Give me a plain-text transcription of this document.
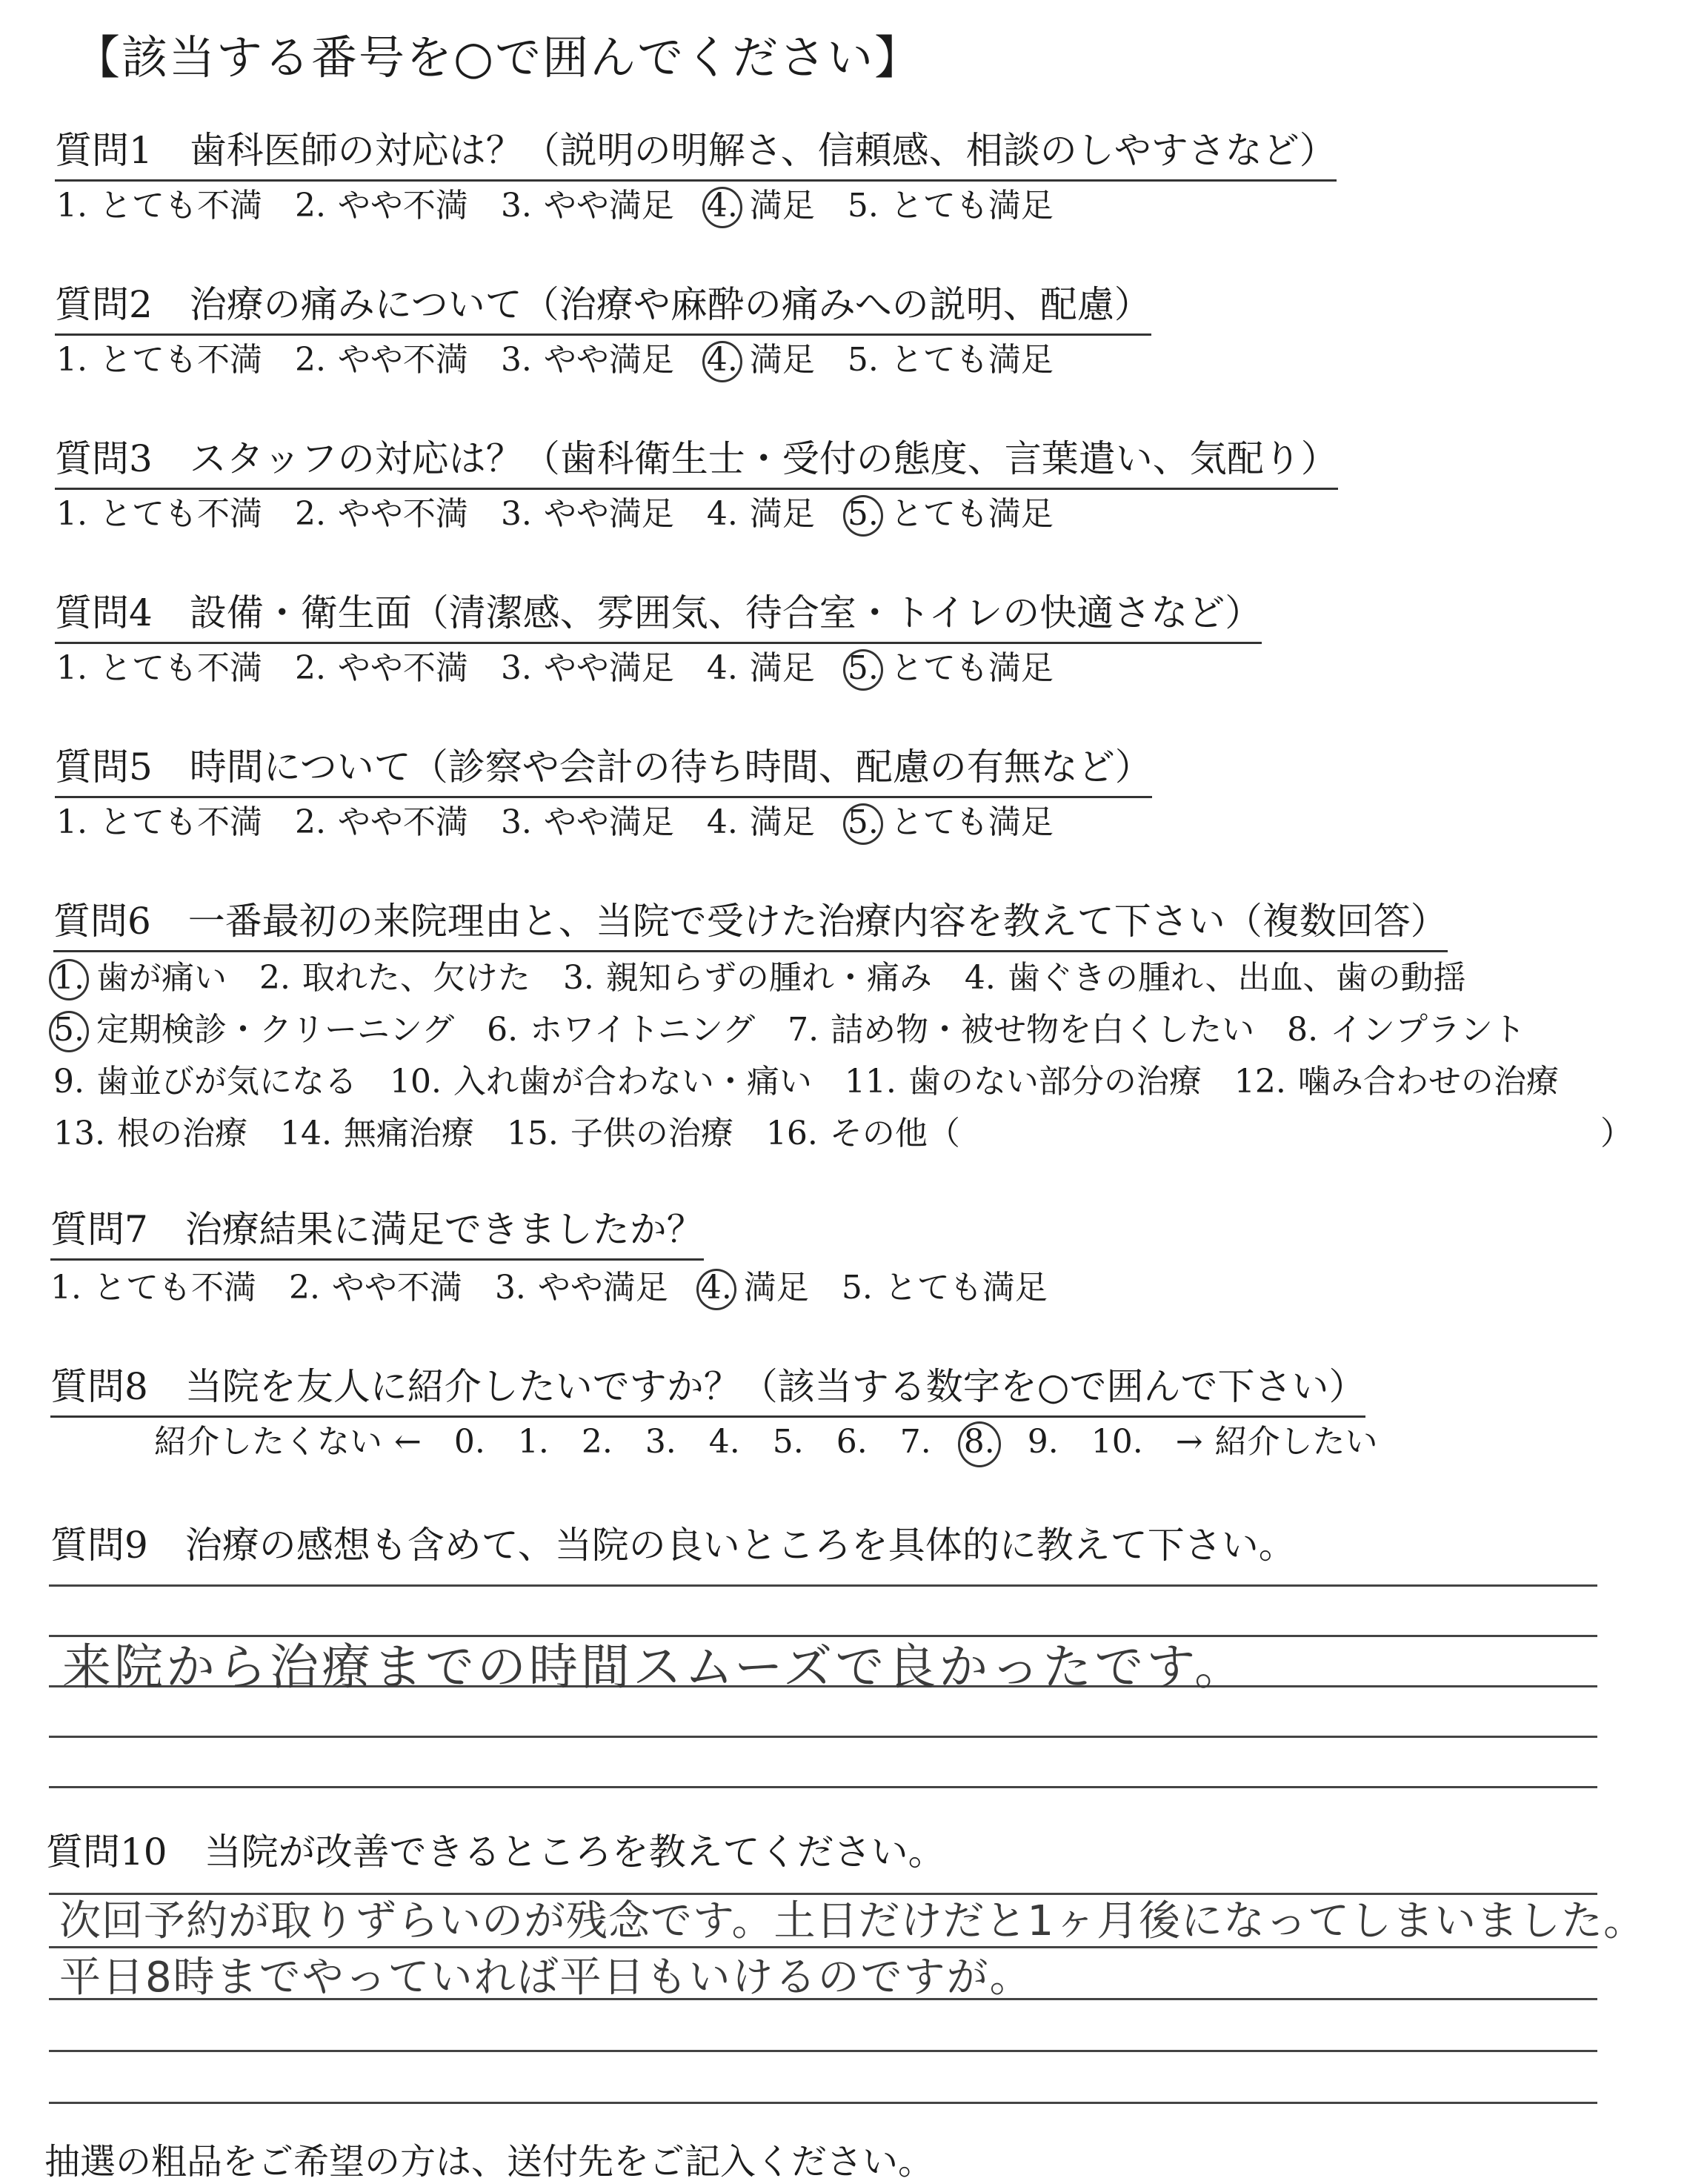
【該当する番号を○で囲んでください】
質問1　歯科医師の対応は？（説明の明解さ、信頼感、相談のしやすさなど）
1. とても不満 2. やや不満 3. やや満足 4. 満足 5. とても満足
質問2　治療の痛みについて（治療や麻酔の痛みへの説明、配慮）
1. とても不満 2. やや不満 3. やや満足 4. 満足 5. とても満足
質問3　スタッフの対応は？（歯科衛生士・受付の態度、言葉遣い、気配り）
1. とても不満 2. やや不満 3. やや満足 4. 満足 5. とても満足
質問4　設備・衛生面（清潔感、雰囲気、待合室・トイレの快適さなど）
1. とても不満 2. やや不満 3. やや満足 4. 満足 5. とても満足
質問5　時間について（診察や会計の待ち時間、配慮の有無など）
1. とても不満 2. やや不満 3. やや満足 4. 満足 5. とても満足
質問6　一番最初の来院理由と、当院で受けた治療内容を教えて下さい（複数回答）
1. 歯が痛い 2. 取れた、欠けた 3. 親知らずの腫れ・痛み 4. 歯ぐきの腫れ、出血、歯の動揺
5. 定期検診・クリーニング 6. ホワイトニング 7. 詰め物・被せ物を白くしたい 8. インプラント
9. 歯並びが気になる 10. 入れ歯が合わない・痛い 11. 歯のない部分の治療 12. 噛み合わせの治療
13. 根の治療 14. 無痛治療 15. 子供の治療 16. その他（	）
質問7　治療結果に満足できましたか？
1. とても不満 2. やや不満 3. やや満足 4. 満足 5. とても満足
質問8　当院を友人に紹介したいですか？（該当する数字を○で囲んで下さい）
紹介したくない ← 0. 1. 2. 3. 4. 5. 6. 7. 8. 9. 10. → 紹介したい
質問9　治療の感想も含めて、当院の良いところを具体的に教えて下さい。
来院から治療までの時間スムーズで良かったです。
質問10　当院が改善できるところを教えてください。
次回予約が取りずらいのが残念です。土日だけだと1ヶ月後になってしまいました。
平日8時までやっていれば平日もいけるのですが。
抽選の粗品をご希望の方は、送付先をご記入ください。
